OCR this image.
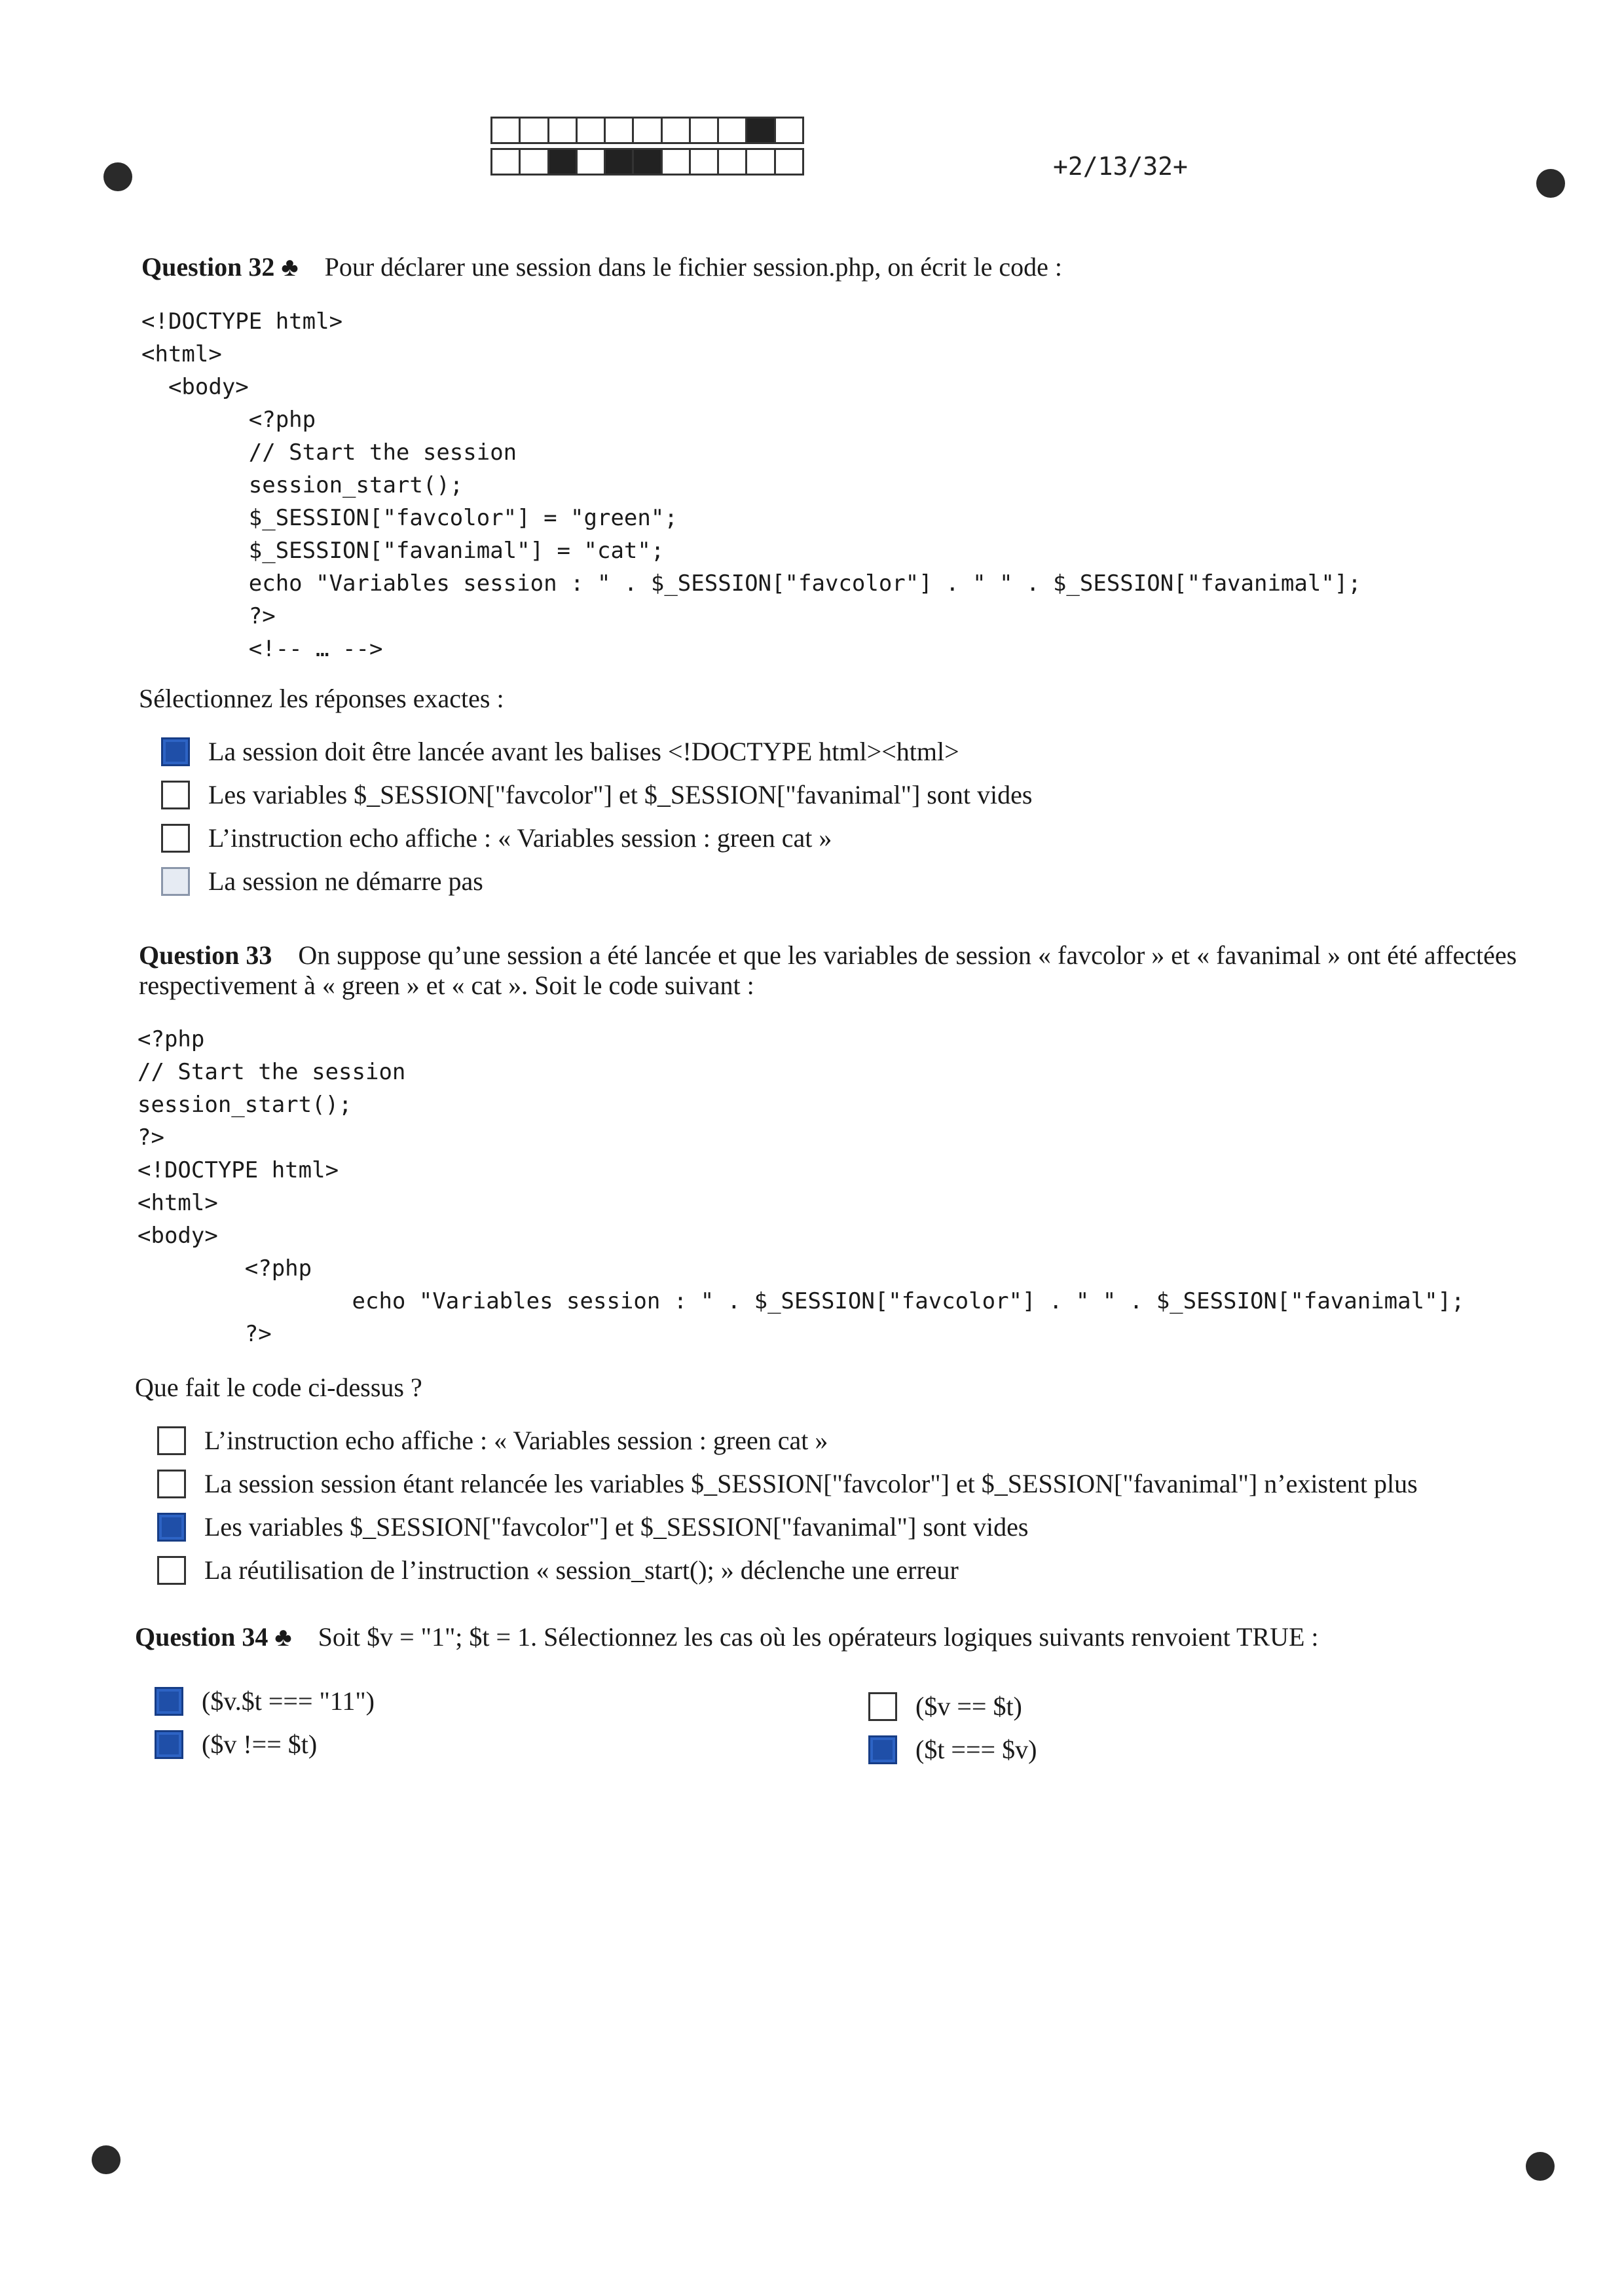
+2/13/32+
Question 32 ♣ Pour déclarer une session dans le fichier session.php, on écrit le code :
<!DOCTYPE html>
<html>
<body>
<?php
// Start the session
session_start();
$_SESSION["favcolor"] = "green";
$_SESSION["favanimal"] = "cat";
echo "Variables session : " . $_SESSION["favcolor"] . " " . $_SESSION["favanimal"];
?>
<!-- … -->
Sélectionnez les réponses exactes :
La session doit être lancée avant les balises <!DOCTYPE html><html>
Les variables $_SESSION["favcolor"] et $_SESSION["favanimal"] sont vides
L’instruction echo affiche : « Variables session : green cat »
La session ne démarre pas
Question 33 On suppose qu’une session a été lancée et que les variables de session « favcolor » et « favanimal » ont été affectées respectivement à « green » et « cat ». Soit le code suivant :
<?php
// Start the session
session_start();
?>
<!DOCTYPE html>
<html>
<body>
<?php
echo "Variables session : " . $_SESSION["favcolor"] . " " . $_SESSION["favanimal"];
?>
Que fait le code ci-dessus ?
L’instruction echo affiche : « Variables session : green cat »
La session session étant relancée les variables $_SESSION["favcolor"] et $_SESSION["favanimal"] n’existent plus
Les variables $_SESSION["favcolor"] et $_SESSION["favanimal"] sont vides
La réutilisation de l’instruction « session_start(); » déclenche une erreur
Question 34 ♣ Soit $v = "1"; $t = 1. Sélectionnez les cas où les opérateurs logiques suivants renvoient TRUE :
($v.$t === "11")
($v !== $t)
($v == $t)
($t === $v)
